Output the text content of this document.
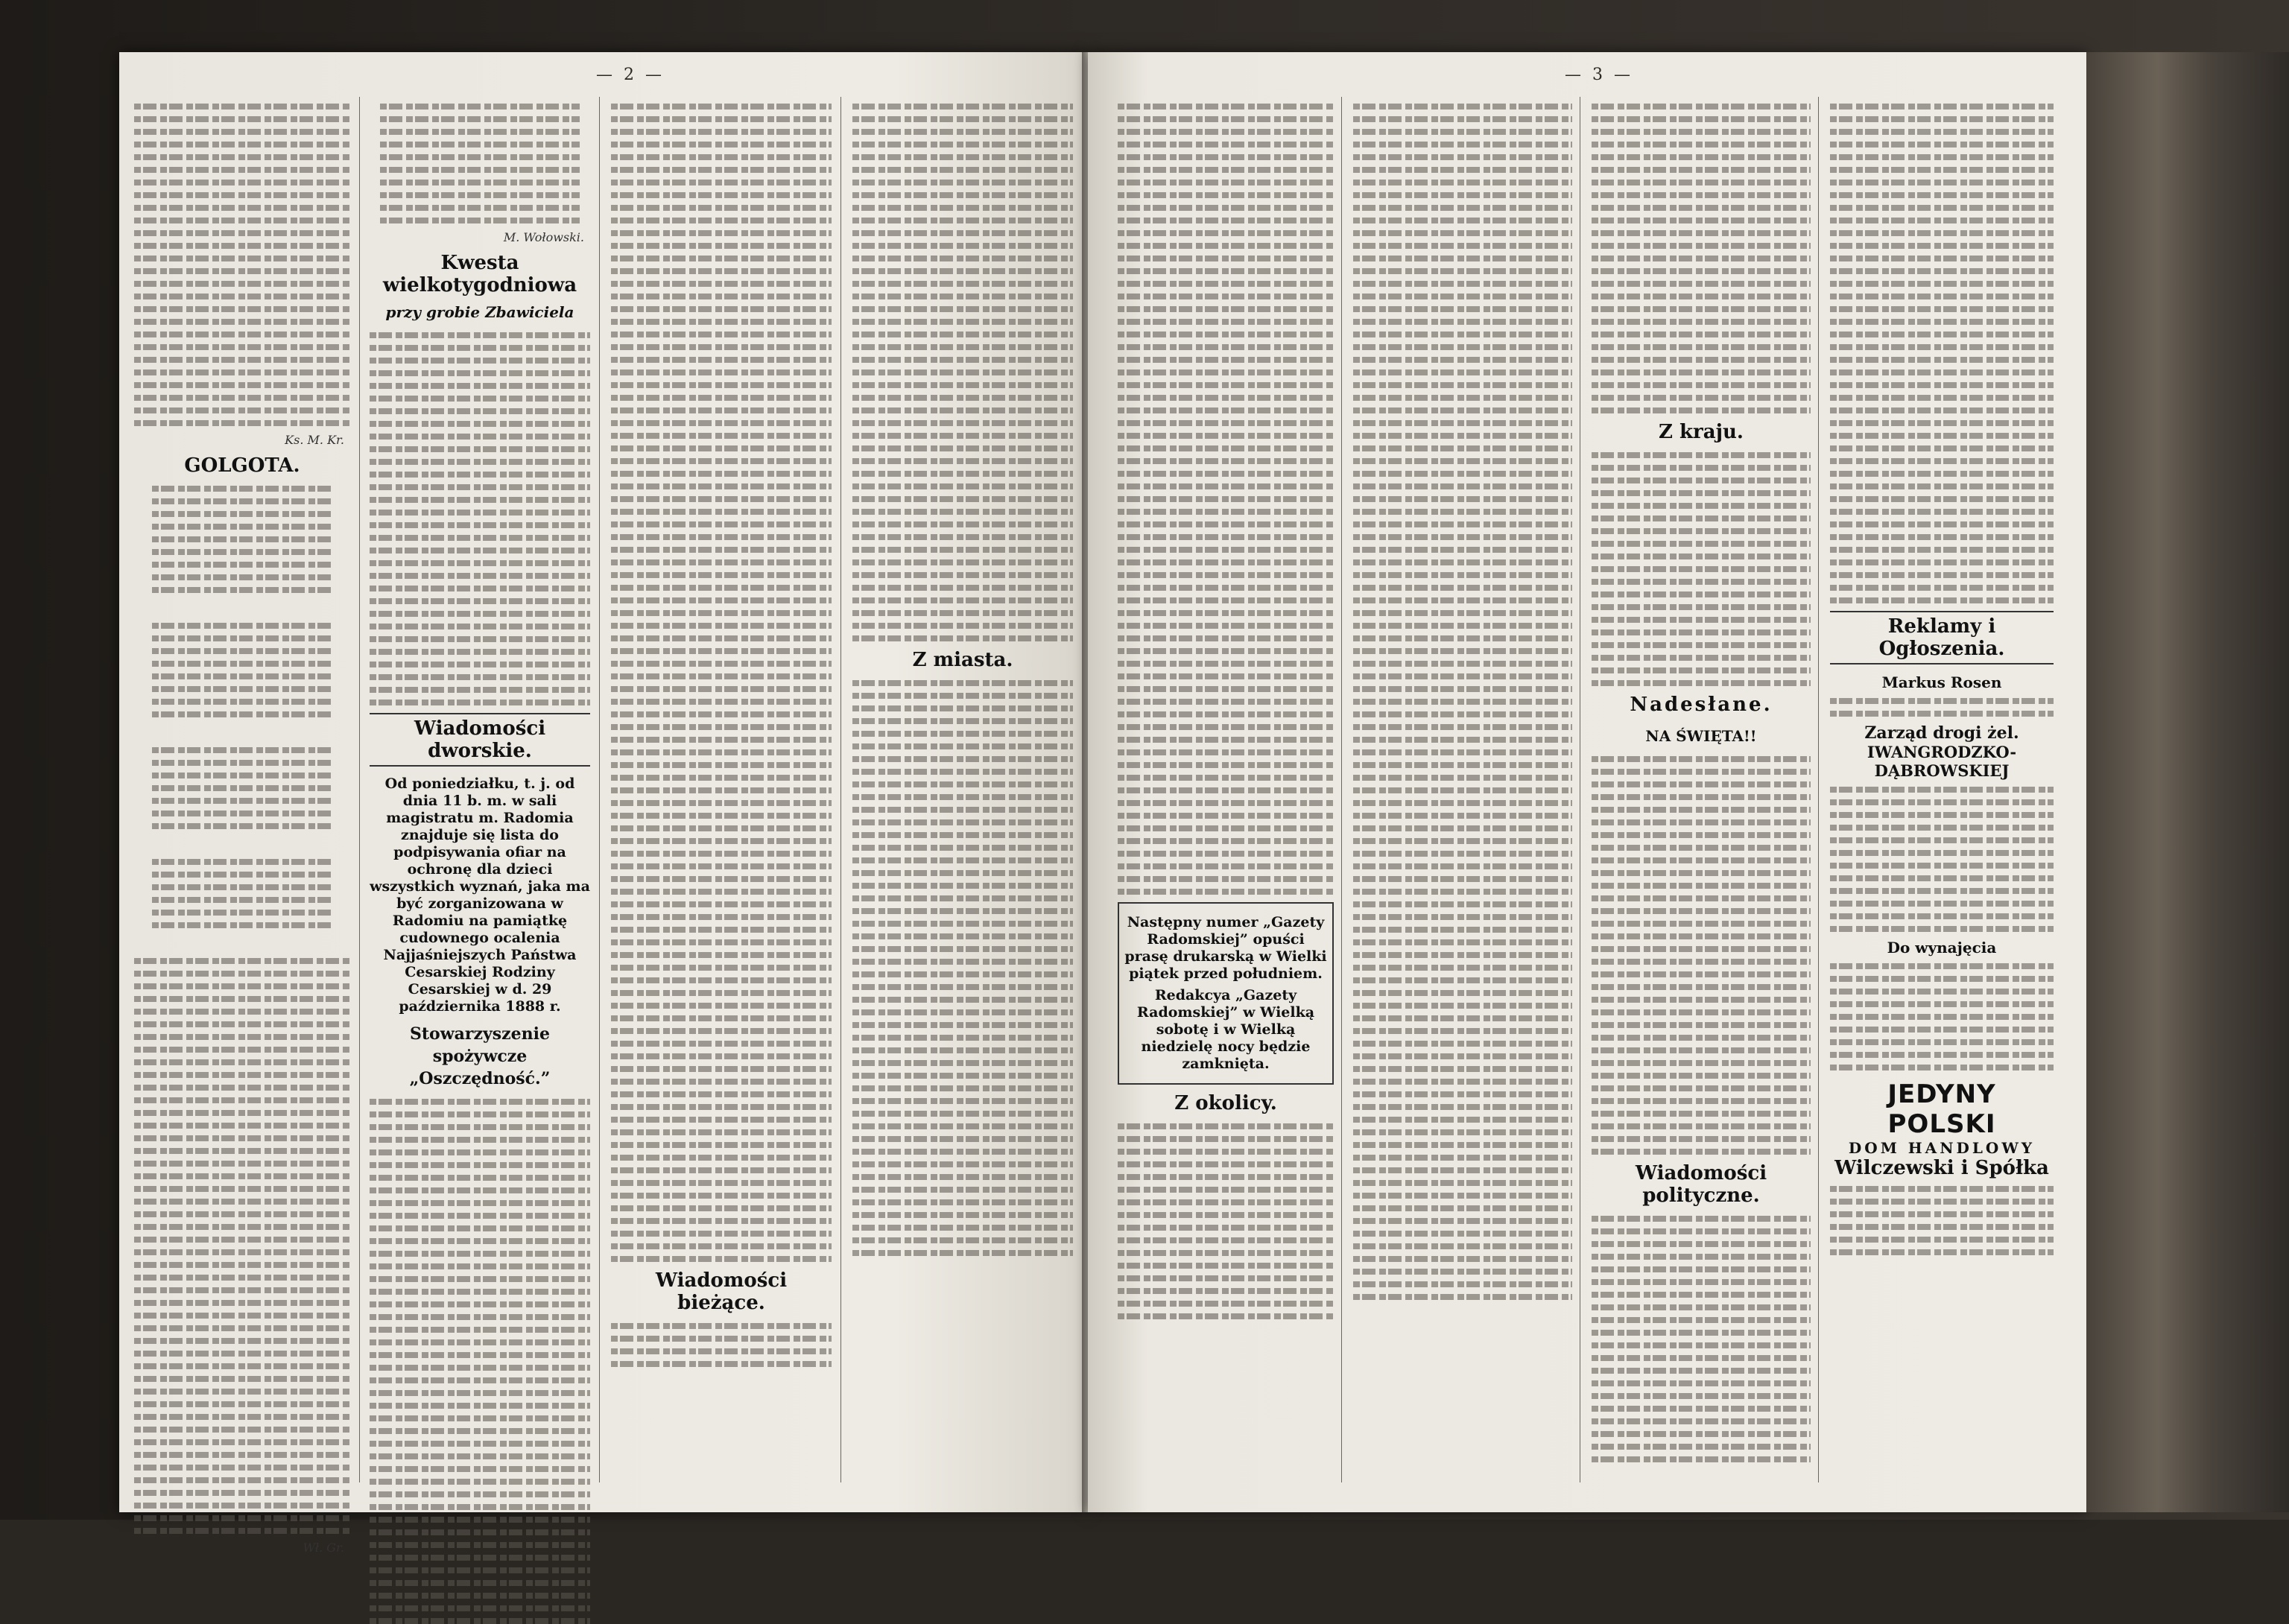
— 2 —
Ks. M. Kr.
GOLGOTA.
Wł. Gr.
M. Wołowski.
Kwesta wielkotygodniowa
przy grobie Zbawiciela
Wiadomości dworskie.
Od poniedziałku, t. j. od dnia 11 b. m. w sali magistratu m. Radomia znajduje się lista do podpisywania ofiar na ochronę dla dzieci wszystkich wyznań, jaka ma być zorganizowana w Radomiu na pamiątkę cudownego ocalenia Najjaśniejszych Państwa Cesarskiej Rodziny Cesarskiej w d. 29 października 1888 r.
Stowarzyszenie spożywcze „Oszczędność.”
Wiadomości bieżące.
Z miasta.
— 3 —
Następny numer „Gazety Radomskiej” opuści prasę drukarską w Wielki piątek przed południem.
Redakcya „Gazety Radomskiej” w Wielką sobotę i w Wielką niedzielę nocy będzie zamknięta.
Z okolicy.
Z kraju.
Nadesłane.
NA ŚWIĘTA!!
Wiadomości polityczne.
Reklamy i Ogłoszenia.
Markus Rosen
Zarząd drogi żel.
IWANGRODZKO-DĄBROWSKIEJ
Do wynajęcia
JEDYNY POLSKI
DOM HANDLOWY
Wilczewski i Spółka
